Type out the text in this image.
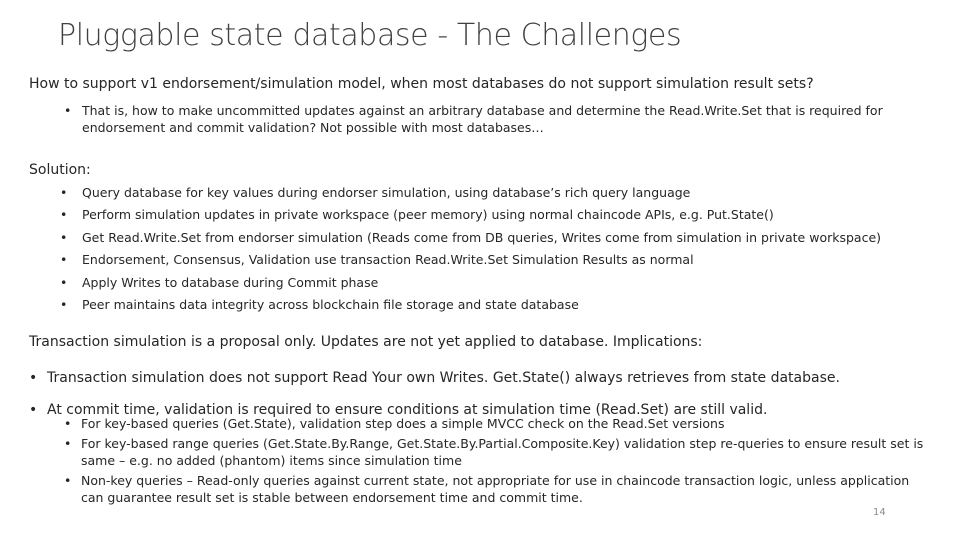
Pluggable state database - The Challenges

How to support v1 endorsement/simulation model, when most databases do not support simulation result sets?

• That is, how to make uncommitted updates against an arbitrary database and determine the Read.Write.Set that is required for endorsement and commit validation? Not possible with most databases…

Solution:

• Query database for key values during endorser simulation, using database’s rich query language
• Perform simulation updates in private workspace (peer memory) using normal chaincode APIs, e.g. Put.State()
• Get Read.Write.Set from endorser simulation (Reads come from DB queries, Writes come from simulation in private workspace)
• Endorsement, Consensus, Validation use transaction Read.Write.Set Simulation Results as normal
• Apply Writes to database during Commit phase
• Peer maintains data integrity across blockchain file storage and state database

Transaction simulation is a proposal only. Updates are not yet applied to database. Implications:

• Transaction simulation does not support Read Your own Writes. Get.State() always retrieves from state database.
• At commit time, validation is required to ensure conditions at simulation time (Read.Set) are still valid.
• For key-based queries (Get.State), validation step does a simple MVCC check on the Read.Set versions
• For key-based range queries (Get.State.By.Range, Get.State.By.Partial.Composite.Key) validation step re-queries to ensure result set is same – e.g. no added (phantom) items since simulation time
• Non-key queries – Read-only queries against current state, not appropriate for use in chaincode transaction logic, unless application can guarantee result set is stable between endorsement time and commit time.
14
